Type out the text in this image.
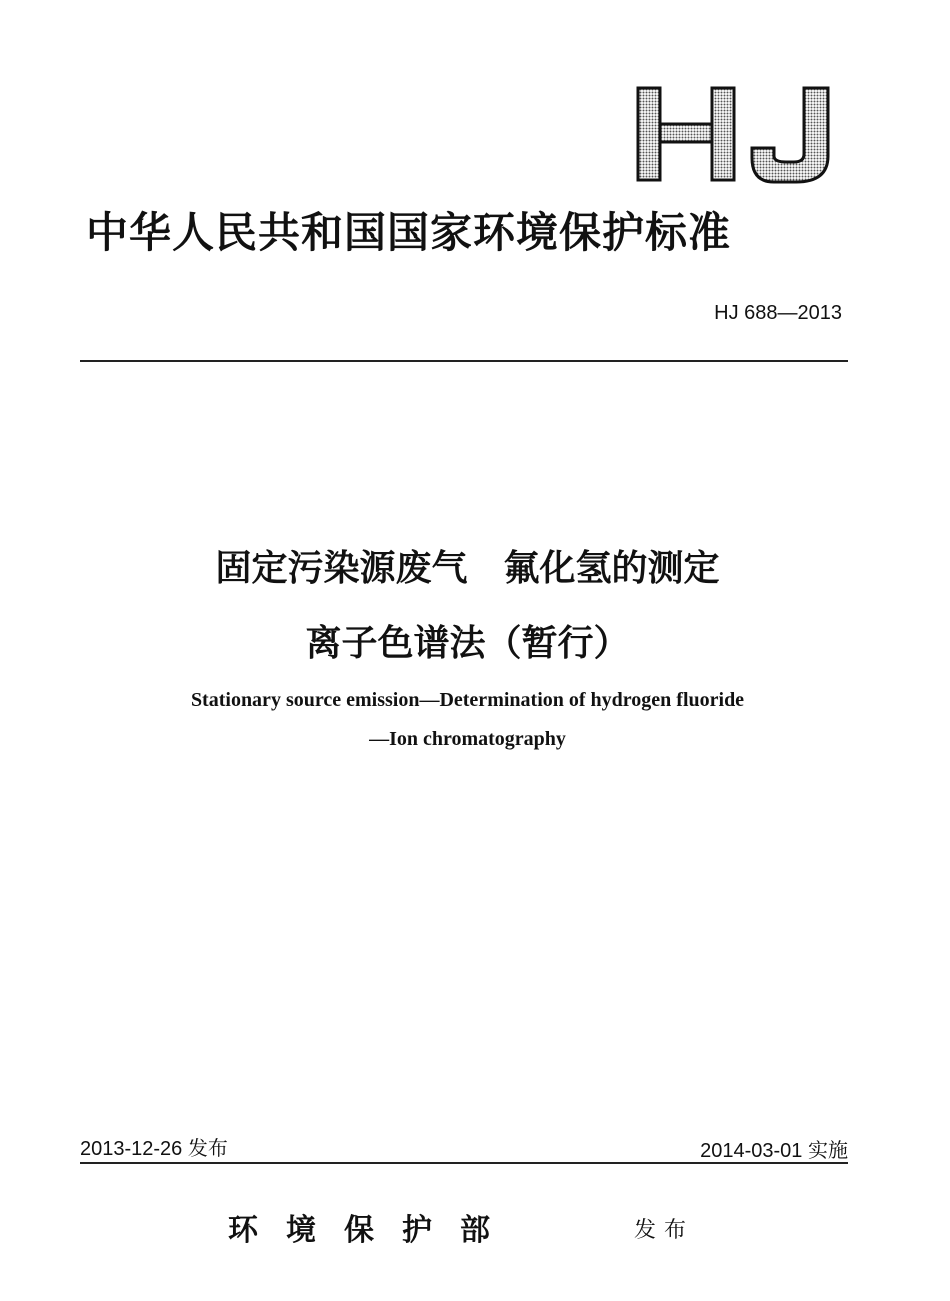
中华人民共和国国家环境保护标准
HJ 688—2013
固定污染源废气　氟化氢的测定
离子色谱法（暂行）
Stationary source emission—Determination of hydrogen fluoride
—Ion chromatography
2013-12-26 发布	2014-03-01 实施
环境保护部	发布
